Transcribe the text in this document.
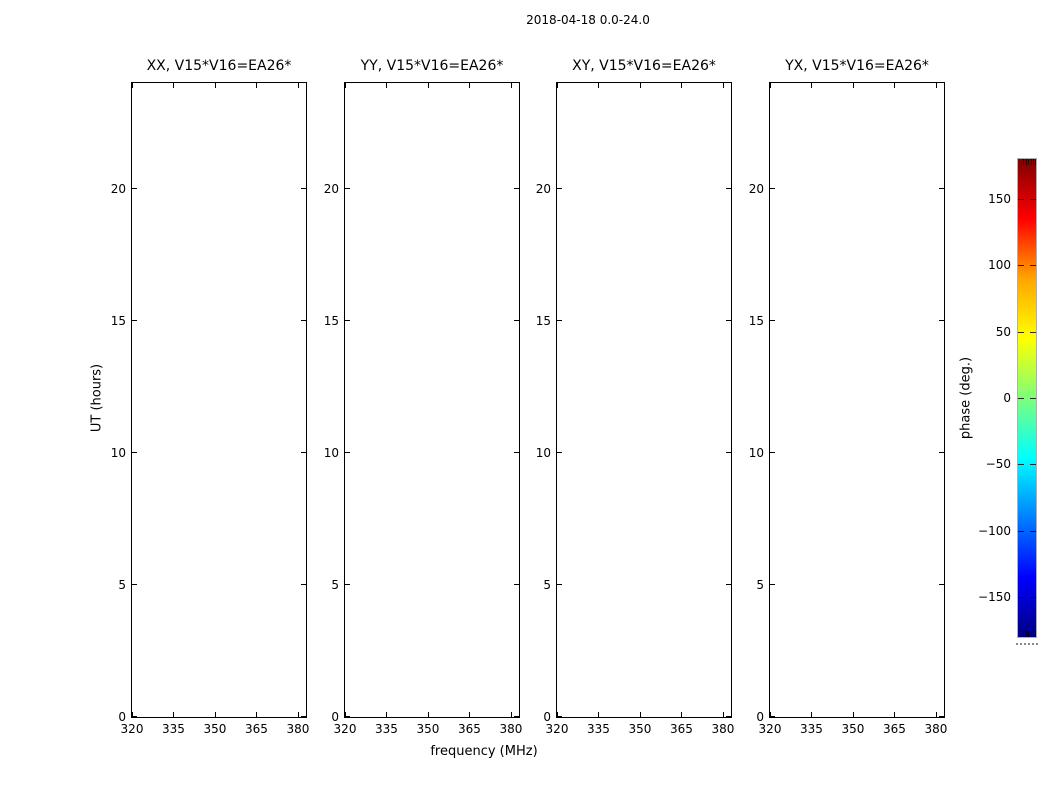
2018-04-18 0.0-24.0
UT (hours)
frequency (MHz)
XX, V15*V16=EA26*
320 335 350 365 380
0
5
10
15
20
YY, V15*V16=EA26*
320 335 350 365 380
0
5
10
15
20
XY, V15*V16=EA26*
320 335 350 365 380
0
5
10
15
20
YX, V15*V16=EA26*
320 335 350 365 380
0
5
10
15
20
150
100
50
0
−50
−100
−150
phase (deg.)
